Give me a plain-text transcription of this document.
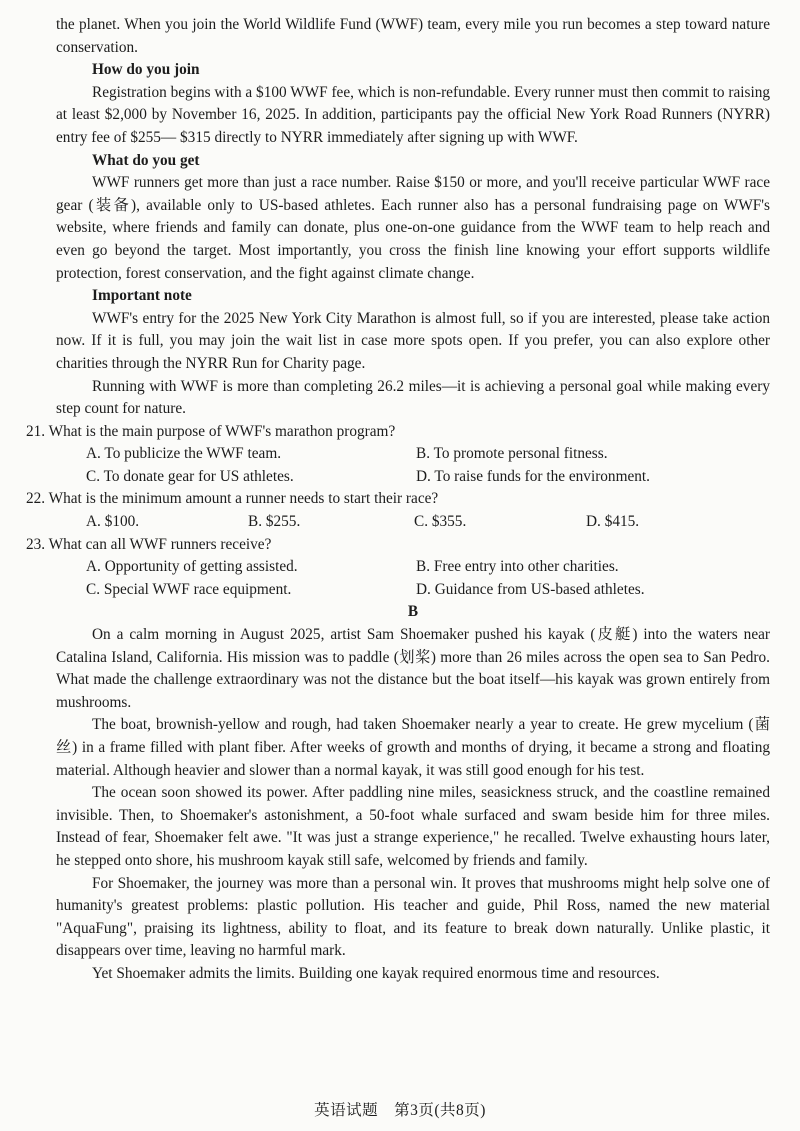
the planet. When you join the World Wildlife Fund (WWF) team, every mile you run becomes a step toward nature conservation.

How do you join

Registration begins with a $100 WWF fee, which is non-refundable. Every runner must then commit to raising at least $2,000 by November 16, 2025. In addition, participants pay the official New York Road Runners (NYRR) entry fee of $255— $315 directly to NYRR immediately after signing up with WWF.

What do you get

WWF runners get more than just a race number. Raise $150 or more, and you'll receive particular WWF race gear (装备), available only to US-based athletes. Each runner also has a personal fundraising page on WWF's website, where friends and family can donate, plus one-on-one guidance from the WWF team to help reach and even go beyond the target. Most importantly, you cross the finish line knowing your effort supports wildlife protection, forest conservation, and the fight against climate change.

Important note

WWF's entry for the 2025 New York City Marathon is almost full, so if you are interested, please take action now. If it is full, you may join the wait list in case more spots open. If you prefer, you can also explore other charities through the NYRR Run for Charity page.

Running with WWF is more than completing 26.2 miles—it is achieving a personal goal while making every step count for nature.

21. What is the main purpose of WWF's marathon program?

A. To publicize the WWF team.	B. To promote personal fitness.
C. To donate gear for US athletes.	D. To raise funds for the environment.

22. What is the minimum amount a runner needs to start their race?

A. $100.	B. $255.	C. $355.	D. $415.

23. What can all WWF runners receive?

A. Opportunity of getting assisted.	B. Free entry into other charities.
C. Special WWF race equipment.	D. Guidance from US-based athletes.

B

On a calm morning in August 2025, artist Sam Shoemaker pushed his kayak (皮艇) into the waters near Catalina Island, California. His mission was to paddle (划桨) more than 26 miles across the open sea to San Pedro. What made the challenge extraordinary was not the distance but the boat itself—his kayak was grown entirely from mushrooms.

The boat, brownish-yellow and rough, had taken Shoemaker nearly a year to create. He grew mycelium (菌丝) in a frame filled with plant fiber. After weeks of growth and months of drying, it became a strong and floating material. Although heavier and slower than a normal kayak, it was still good enough for his test.

The ocean soon showed its power. After paddling nine miles, seasickness struck, and the coastline remained invisible. Then, to Shoemaker's astonishment, a 50-foot whale surfaced and swam beside him for three miles. Instead of fear, Shoemaker felt awe. "It was just a strange experience," he recalled. Twelve exhausting hours later, he stepped onto shore, his mushroom kayak still safe, welcomed by friends and family.

For Shoemaker, the journey was more than a personal win. It proves that mushrooms might help solve one of humanity's greatest problems: plastic pollution. His teacher and guide, Phil Ross, named the new material "AquaFung", praising its lightness, ability to float, and its feature to break down naturally. Unlike plastic, it disappears over time, leaving no harmful mark.

Yet Shoemaker admits the limits. Building one kayak required enormous time and resources.

英语试题　第3页(共8页)
